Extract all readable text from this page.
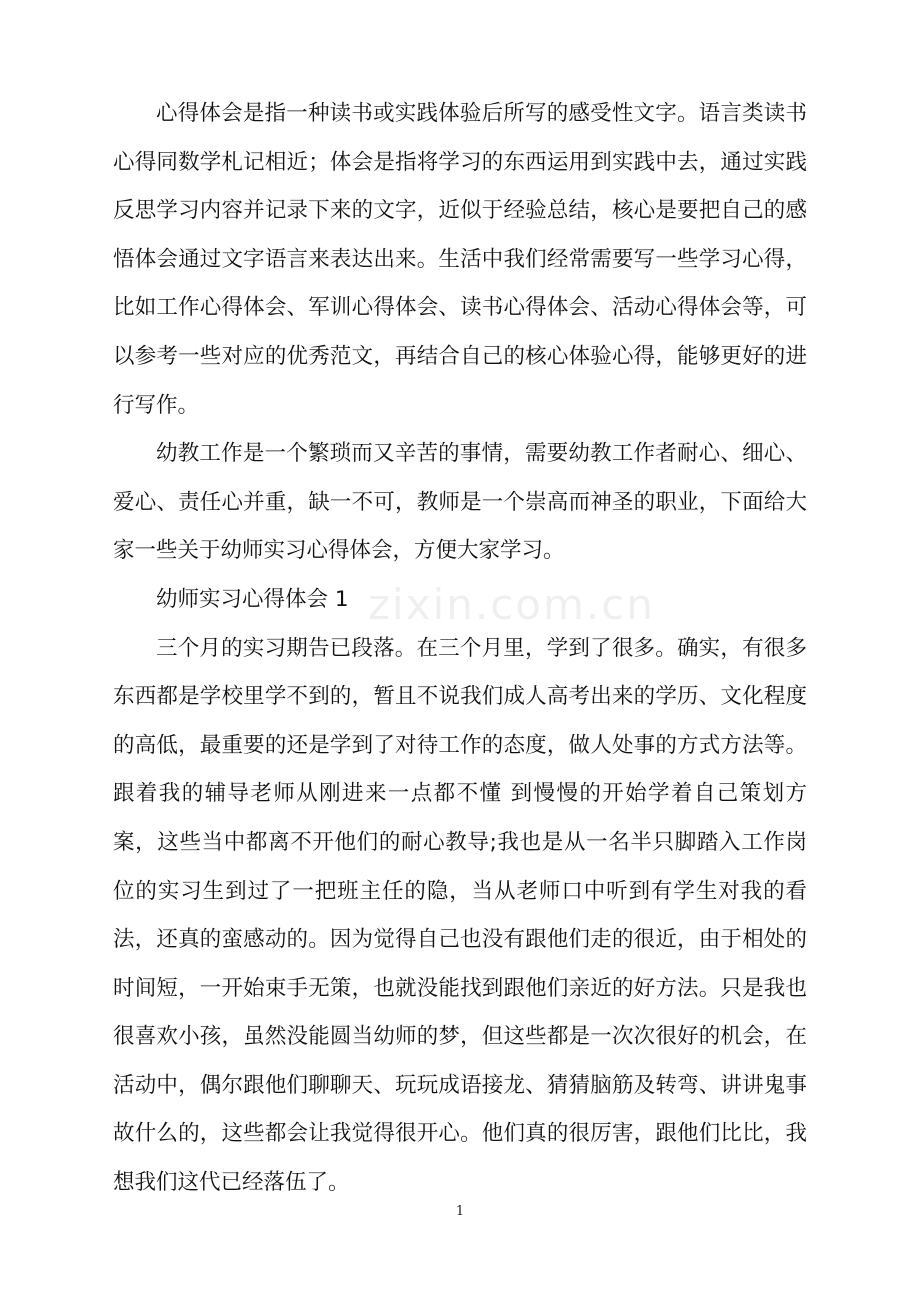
心得体会是指一种读书或实践体验后所写的感受性文字。语言类读书心得同数学札记相近；体会是指将学习的东西运用到实践中去，通过实践反思学习内容并记录下来的文字，近似于经验总结，核心是要把自己的感悟体会通过文字语言来表达出来。生活中我们经常需要写一些学习心得，比如工作心得体会、军训心得体会、读书心得体会、活动心得体会等，可以参考一些对应的优秀范文，再结合自己的核心体验心得，能够更好的进行写作。

幼教工作是一个繁琐而又辛苦的事情，需要幼教工作者耐心、细心、爱心、责任心并重，缺一不可，教师是一个崇高而神圣的职业，下面给大家一些关于幼师实习心得体会，方便大家学习。

幼师实习心得体会 1

三个月的实习期告已段落。在三个月里，学到了很多。确实，有很多东西都是学校里学不到的，暂且不说我们成人高考出来的学历、文化程度的高低，最重要的还是学到了对待工作的态度，做人处事的方式方法等。跟着我的辅导老师从刚进来一点都不懂 到慢慢的开始学着自己策划方案，这些当中都离不开他们的耐心教导;我也是从一名半只脚踏入工作岗位的实习生到过了一把班主任的隐，当从老师口中听到有学生对我的看法，还真的蛮感动的。因为觉得自己也没有跟他们走的很近，由于相处的时间短，一开始束手无策，也就没能找到跟他们亲近的好方法。只是我也很喜欢小孩，虽然没能圆当幼师的梦，但这些都是一次次很好的机会，在活动中，偶尔跟他们聊聊天、玩玩成语接龙、猜猜脑筋及转弯、讲讲鬼事故什么的，这些都会让我觉得很开心。他们真的很厉害，跟他们比比，我想我们这代已经落伍了。

zixin.com.cn
1
